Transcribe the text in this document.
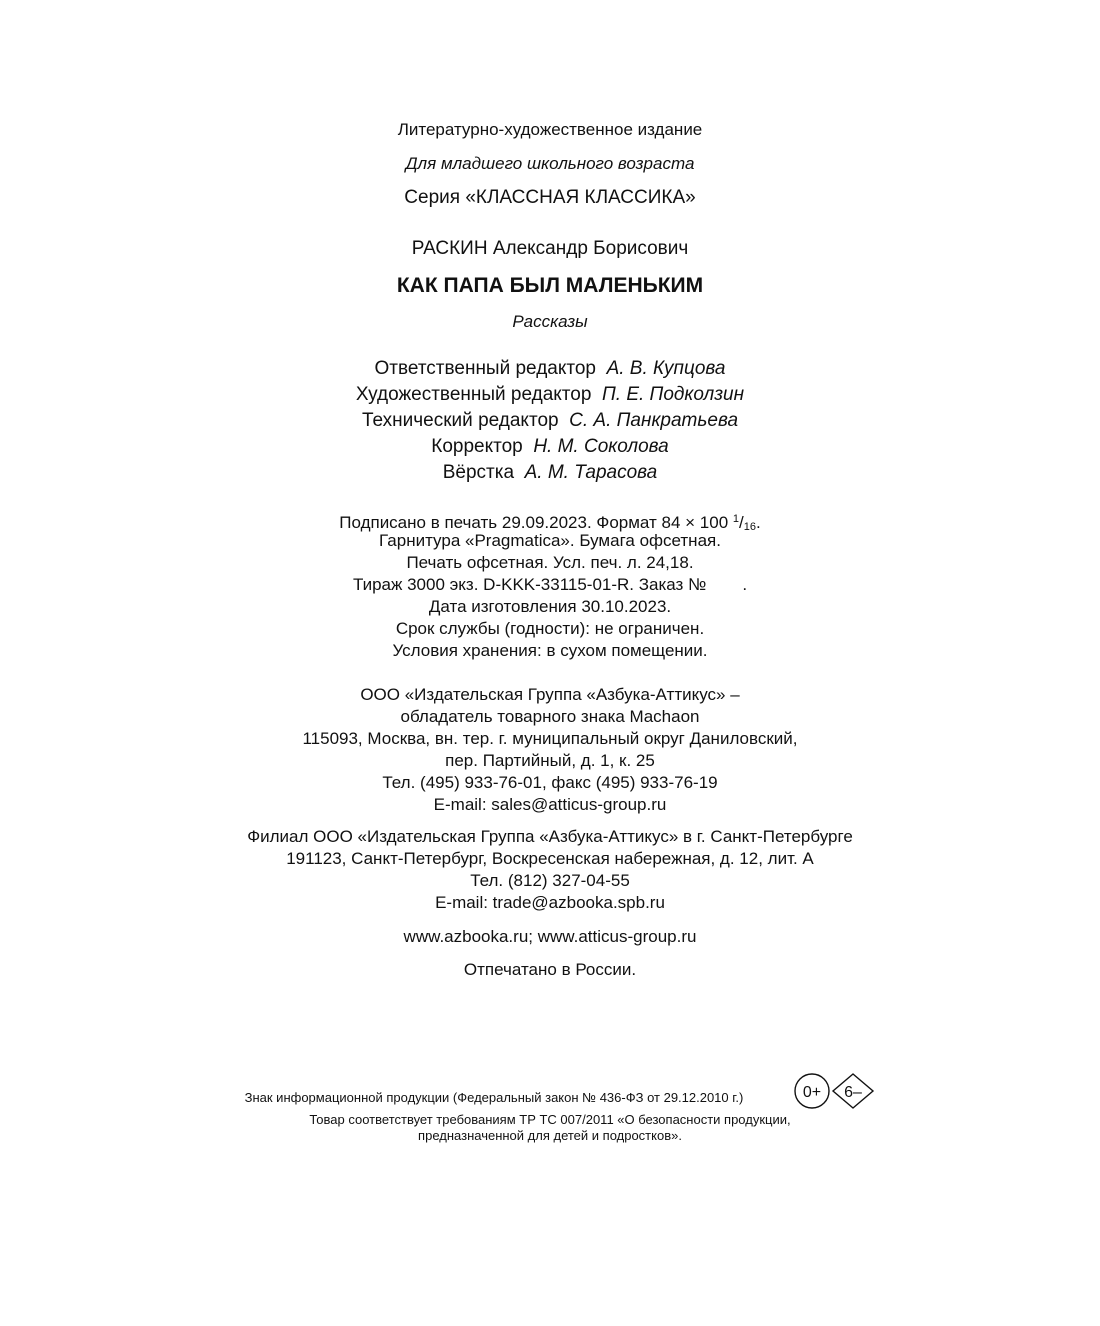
Литературно-художественное издание
Для младшего школьного возраста
Серия «КЛАССНАЯ КЛАССИКА»
РАСКИН Александр Борисович
КАК ПАПА БЫЛ МАЛЕНЬКИМ
Рассказы
Ответственный редактор А. В. Купцова
Художественный редактор П. Е. Подколзин
Технический редактор С. А. Панкратьева
Корректор Н. М. Соколова
Вёрстка А. М. Тарасова
Подписано в печать 29.09.2023. Формат 84 × 100 $^1$/16.
Гарнитура «Pragmatica». Бумага офсетная.
Печать офсетная. Усл. печ. л. 24,18.
Тираж 3000 экз. D-KKK-33115-01-R. Заказ № .
Дата изготовления 30.10.2023.
Срок службы (годности): не ограничен.
Условия хранения: в сухом помещении.
ООО «Издательская Группа «Азбука-Аттикус» –
обладатель товарного знака Machaon
115093, Москва, вн. тер. г. муниципальный округ Даниловский,
пер. Партийный, д. 1, к. 25
Тел. (495) 933-76-01, факс (495) 933-76-19
E-mail: sales@atticus-group.ru
Филиал ООО «Издательская Группа «Азбука-Аттикус» в г. Санкт-Петербурге
191123, Санкт-Петербург, Воскресенская набережная, д. 12, лит. А
Тел. (812) 327-04-55
E-mail: trade@azbooka.spb.ru
www.azbooka.ru; www.atticus-group.ru
Отпечатано в России.
Знак информационной продукции (Федеральный закон № 436-ФЗ от 29.12.2010 г.)	0+ 6–
Товар соответствует требованиям ТР ТС 007/2011 «О безопасности продукции,
предназначенной для детей и подростков».
